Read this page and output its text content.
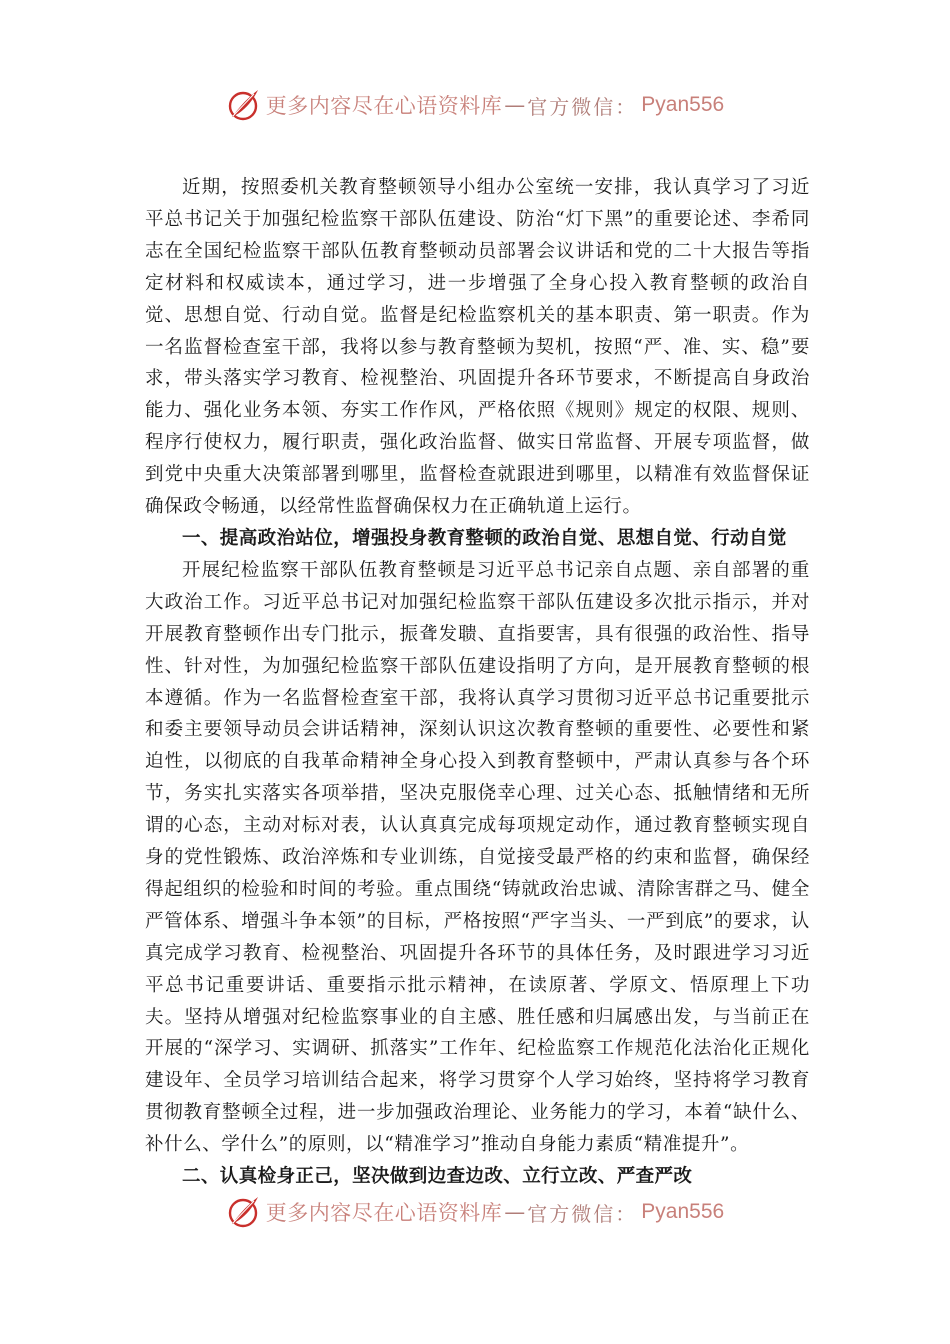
更多内容尽在心语资料库 — 官方微信： Pyan556

近期，按照委机关教育整顿领导小组办公室统一安排，我认真学习了习近平总书记关于加强纪检监察干部队伍建设、防治“灯下黑”的重要论述、李希同志在全国纪检监察干部队伍教育整顿动员部署会议讲话和党的二十大报告等指定材料和权威读本，通过学习，进一步增强了全身心投入教育整顿的政治自觉、思想自觉、行动自觉。监督是纪检监察机关的基本职责、第一职责。作为一名监督检查室干部，我将以参与教育整顿为契机，按照“严、准、实、稳”要求，带头落实学习教育、检视整治、巩固提升各环节要求，不断提高自身政治能力、强化业务本领、夯实工作作风，严格依照《规则》规定的权限、规则、程序行使权力，履行职责，强化政治监督、做实日常监督、开展专项监督，做到党中央重大决策部署到哪里，监督检查就跟进到哪里，以精准有效监督保证确保政令畅通，以经常性监督确保权力在正确轨道上运行。

一、提高政治站位，增强投身教育整顿的政治自觉、思想自觉、行动自觉

开展纪检监察干部队伍教育整顿是习近平总书记亲自点题、亲自部署的重大政治工作。习近平总书记对加强纪检监察干部队伍建设多次批示指示，并对开展教育整顿作出专门批示，振聋发聩、直指要害，具有很强的政治性、指导性、针对性，为加强纪检监察干部队伍建设指明了方向，是开展教育整顿的根本遵循。作为一名监督检查室干部，我将认真学习贯彻习近平总书记重要批示和委主要领导动员会讲话精神，深刻认识这次教育整顿的重要性、必要性和紧迫性，以彻底的自我革命精神全身心投入到教育整顿中，严肃认真参与各个环节，务实扎实落实各项举措，坚决克服侥幸心理、过关心态、抵触情绪和无所谓的心态，主动对标对表，认认真真完成每项规定动作，通过教育整顿实现自身的党性锻炼、政治淬炼和专业训练，自觉接受最严格的约束和监督，确保经得起组织的检验和时间的考验。重点围绕“铸就政治忠诚、清除害群之马、健全严管体系、增强斗争本领”的目标，严格按照“严字当头、一严到底”的要求，认真完成学习教育、检视整治、巩固提升各环节的具体任务，及时跟进学习习近平总书记重要讲话、重要指示批示精神，在读原著、学原文、悟原理上下功夫。坚持从增强对纪检监察事业的自主感、胜任感和归属感出发，与当前正在开展的“深学习、实调研、抓落实”工作年、纪检监察工作规范化法治化正规化建设年、全员学习培训结合起来，将学习贯穿个人学习始终，坚持将学习教育贯彻教育整顿全过程，进一步加强政治理论、业务能力的学习，本着“缺什么、补什么、学什么”的原则，以“精准学习”推动自身能力素质“精准提升”。

二、认真检身正己，坚决做到边查边改、立行立改、严查严改

更多内容尽在心语资料库 — 官方微信： Pyan556
